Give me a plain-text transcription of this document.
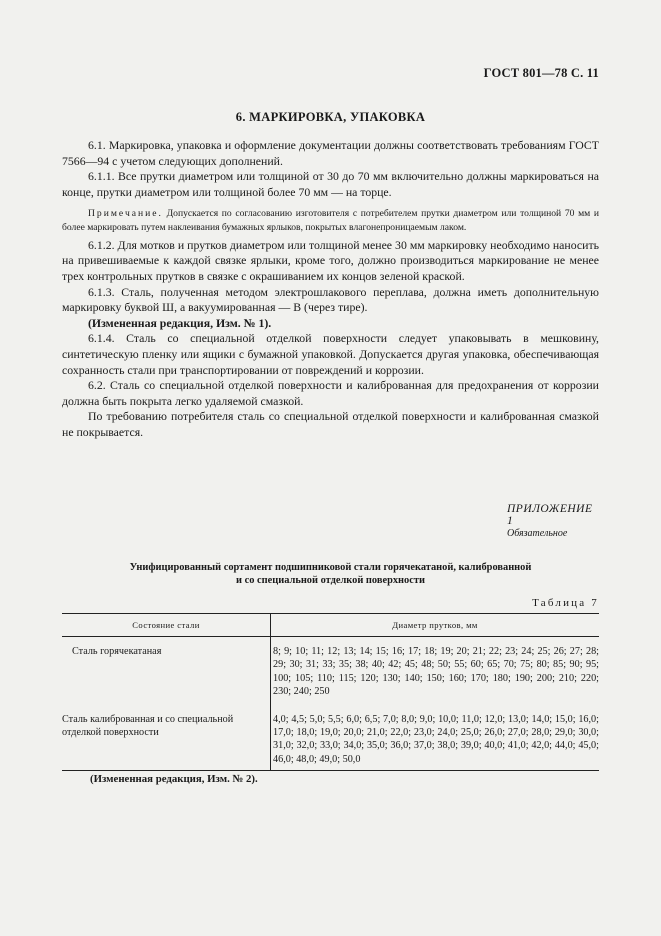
ГОСТ 801—78 С. 11
6. МАРКИРОВКА, УПАКОВКА

6.1. Маркировка, упаковка и оформление документации должны соответствовать требованиям ГОСТ 7566—94 с учетом следующих дополнений.

6.1.1. Все прутки диаметром или толщиной от 30 до 70 мм включительно должны маркироваться на конце, прутки диаметром или толщиной более 70 мм — на торце.

Примечание. Допускается по согласованию изготовителя с потребителем прутки диаметром или толщиной 70 мм и более маркировать путем наклеивания бумажных ярлыков, покрытых влагонепроницаемым лаком.

6.1.2. Для мотков и прутков диаметром или толщиной менее 30 мм маркировку необходимо наносить на привешиваемые к каждой связке ярлыки, кроме того, должно производиться маркирование не менее трех контрольных прутков в связке с окрашиванием их концов зеленой краской.

6.1.3. Сталь, полученная методом электрошлакового переплава, должна иметь дополнительную маркировку буквой Ш, а вакуумированная — В (через тире).

(Измененная редакция, Изм. № 1).

6.1.4. Сталь со специальной отделкой поверхности следует упаковывать в мешковину, синтетическую пленку или ящики с бумажной упаковкой. Допускается другая упаковка, обеспечивающая сохранность стали при транспортировании от повреждений и коррозии.

6.2. Сталь со специальной отделкой поверхности и калиброванная для предохранения от коррозии должна быть покрыта легко удаляемой смазкой.

По требованию потребителя сталь со специальной отделкой поверхности и калиброванная смазкой не покрывается.

ПРИЛОЖЕНИЕ 1
Обязательное
Унифицированный сортамент подшипниковой стали горячекатаной, калиброванной
и со специальной отделкой поверхности
Таблица 7
Состояние стали	Диаметр прутков, мм
Сталь горячекатаная	8; 9; 10; 11; 12; 13; 14; 15; 16; 17; 18; 19; 20; 21; 22; 23; 24; 25; 26; 27; 28; 29; 30; 31; 33; 35; 38; 40; 42; 45; 48; 50; 55; 60; 65; 70; 75; 80; 85; 90; 95; 100; 105; 110; 115; 120; 130; 140; 150; 160; 170; 180; 190; 200; 210; 220; 230; 240; 250
Сталь калиброванная и со специальной отделкой поверхности	4,0; 4,5; 5,0; 5,5; 6,0; 6,5; 7,0; 8,0; 9,0; 10,0; 11,0; 12,0; 13,0; 14,0; 15,0; 16,0; 17,0; 18,0; 19,0; 20,0; 21,0; 22,0; 23,0; 24,0; 25,0; 26,0; 27,0; 28,0; 29,0; 30,0; 31,0; 32,0; 33,0; 34,0; 35,0; 36,0; 37,0; 38,0; 39,0; 40,0; 41,0; 42,0; 44,0; 45,0; 46,0; 48,0; 49,0; 50,0
(Измененная редакция, Изм. № 2).
